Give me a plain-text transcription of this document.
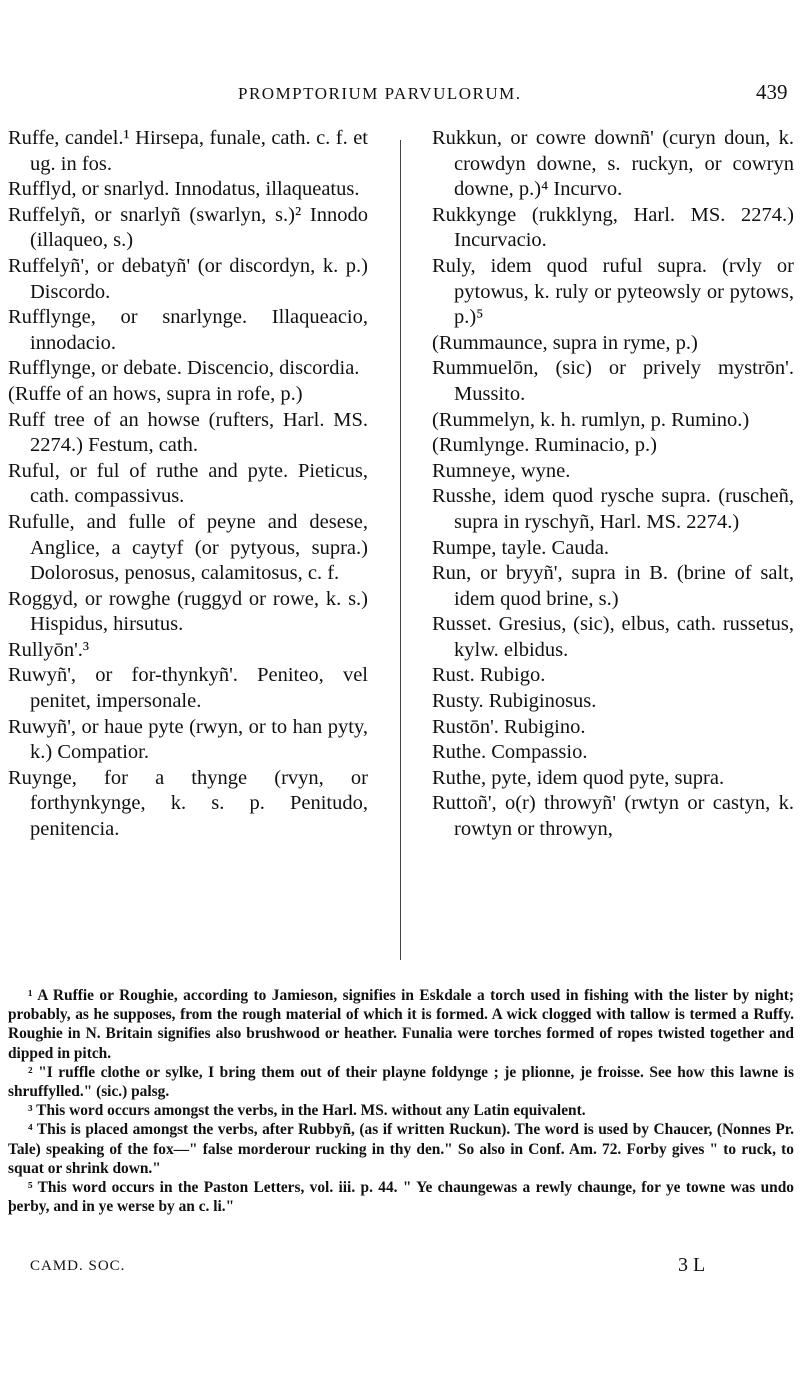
PROMPTORIUM PARVULORUM.	439

Ruffe, candel.¹ Hirsepa, funale, cath. c. f. et ug. in fos.

Rufflyd, or snarlyd. Innodatus, illaqueatus.

Ruffelyñ, or snarlyñ (swarlyn, s.)² Innodo (illaqueo, s.)

Ruffelyñ', or debatyñ' (or discordyn, k. p.) Discordo.

Rufflynge, or snarlynge. Illaqueacio, innodacio.

Rufflynge, or debate. Discencio, discordia.

(Ruffe of an hows, supra in rofe, p.)

Ruff tree of an howse (rufters, Harl. MS. 2274.) Festum, cath.

Ruful, or ful of ruthe and pyte. Pieticus, cath. compassivus.

Rufulle, and fulle of peyne and desese, Anglice, a caytyf (or pytyous, supra.) Dolorosus, penosus, calamitosus, c. f.

Roggyd, or rowghe (ruggyd or rowe, k. s.) Hispidus, hirsutus.

Rullyōn'.³

Ruwyñ', or for-thynkyñ'. Peniteo, vel penitet, impersonale.

Ruwyñ', or haue pyte (rwyn, or to han pyty, k.) Compatior.

Ruynge, for a thynge (rvyn, or forthynkynge, k. s. p. Penitudo, penitencia.

Rukkun, or cowre downñ' (curyn doun, k. crowdyn downe, s. ruckyn, or cowryn downe, p.)⁴ Incurvo.

Rukkynge (rukklyng, Harl. MS. 2274.) Incurvacio.

Ruly, idem quod ruful supra. (rvly or pytowus, k. ruly or pyteowsly or pytows, p.)⁵

(Rummaunce, supra in ryme, p.)

Rummuelōn, (sic) or prively mystrōn'. Mussito.

(Rummelyn, k. h. rumlyn, p. Rumino.)

(Rumlynge. Ruminacio, p.)

Rumneye, wyne.

Russhe, idem quod rysche supra. (ruscheñ, supra in ryschyñ, Harl. MS. 2274.)

Rumpe, tayle. Cauda.

Run, or bryyñ', supra in B. (brine of salt, idem quod brine, s.)

Russet. Gresius, (sic), elbus, cath. russetus, kylw. elbidus.

Rust. Rubigo.

Rusty. Rubiginosus.

Rustōn'. Rubigino.

Ruthe. Compassio.

Ruthe, pyte, idem quod pyte, supra.

Ruttoñ', o(r) throwyñ' (rwtyn or castyn, k. rowtyn or throwyn,

¹ A Ruffie or Roughie, according to Jamieson, signifies in Eskdale a torch used in fishing with the lister by night; probably, as he supposes, from the rough material of which it is formed. A wick clogged with tallow is termed a Ruffy. Roughie in N. Britain signifies also brushwood or heather. Funalia were torches formed of ropes twisted together and dipped in pitch.

² "I ruffle clothe or sylke, I bring them out of their playne foldynge ; je plionne, je froisse. See how this lawne is shruffylled." (sic.) palsg.

³ This word occurs amongst the verbs, in the Harl. MS. without any Latin equivalent.

⁴ This is placed amongst the verbs, after Rubbyñ, (as if written Ruckun). The word is used by Chaucer, (Nonnes Pr. Tale) speaking of the fox—" false morderour rucking in thy den." So also in Conf. Am. 72. Forby gives " to ruck, to squat or shrink down."

⁵ This word occurs in the Paston Letters, vol. iii. p. 44. " Ye chaungewas a rewly chaunge, for ye towne was undo þerby, and in ye werse by an c. li."

CAMD. SOC.	3 L
